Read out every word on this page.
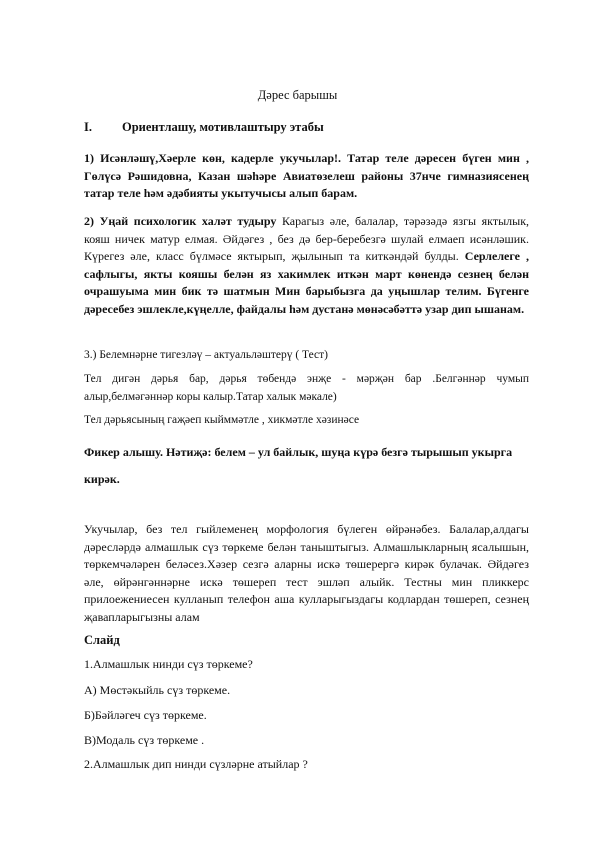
Дәрес барышы
I. Ориентлашу, мотивлаштыру этабы

1) Исәнләшү,Хәерле көн, кадерле укучылар!. Татар теле дәресен бүген мин , Гөлүсә Рәшидовна, Казан шәһәре Авиатөзелеш районы 37нче гимназиясенең татар теле һәм әдәбияты укытучысы алып барам.

2) Уңай психологик халәт тудыру Карагыз әле, балалар, тәрәзәдә язгы яктылык, кояш ничек матур елмая. Әйдәгез , без дә бер-беребезгә шулай елмаеп исәнләшик. Күрегез әле, класс бүлмәсе яктырып, җылынып та киткәндәй булды. Серлелеге , сафлыгы, якты кояшы белән яз хакимлек иткән март көнендә сезнең белән очрашуыма мин бик тә шатмын Мин барыбызга да уңышлар телим. Бүгенге дәресебез эшлекле,күңелле, файдалы һәм дустанә мөнәсәбәттә узар дип ышанам.

3.) Белемнәрне тигезләү – актуальләштерү ( Тест)

Тел дигән дәрья бар, дәрья төбендә энҗе - мәрҗән бар .Белгәннәр чумып алыр,белмәгәннәр коры калыр.Татар халык мәкале)

Тел дәрьясының гаҗәеп кыйммәтле , хикмәтле хәзинәсе

Фикер алышу. Нәтиҗә: белем – ул байлык, шуңа күрә безгә тырышып укырга кирәк.

Укучылар, без тел гыйлеменең морфология бүлеген өйрәнәбез. Балалар,алдагы дәресләрдә алмашлык сүз төркеме белән таныштыгыз. Алмашлыкларның ясалышын, төркемчәләрен беләсез.Хәзер сезгә аларны искә төшерергә кирәк булачак. Әйдәгез әле, өйрәнгәннәрне искә төшереп тест эшләп алыйк. Тестны мин пликкерс прилоежениесен кулланып телефон аша кулларыгыздагы кодлардан төшереп, сезнең җавапларыгызны алам

Слайд
1.Алмашлык нинди сүз төркеме?
А) Мөстәкыйль сүз төркеме.
Б)Бәйләгеч сүз төркеме.
В)Модаль сүз төркеме .
2.Алмашлык дип нинди сүзләрне атыйлар ?
